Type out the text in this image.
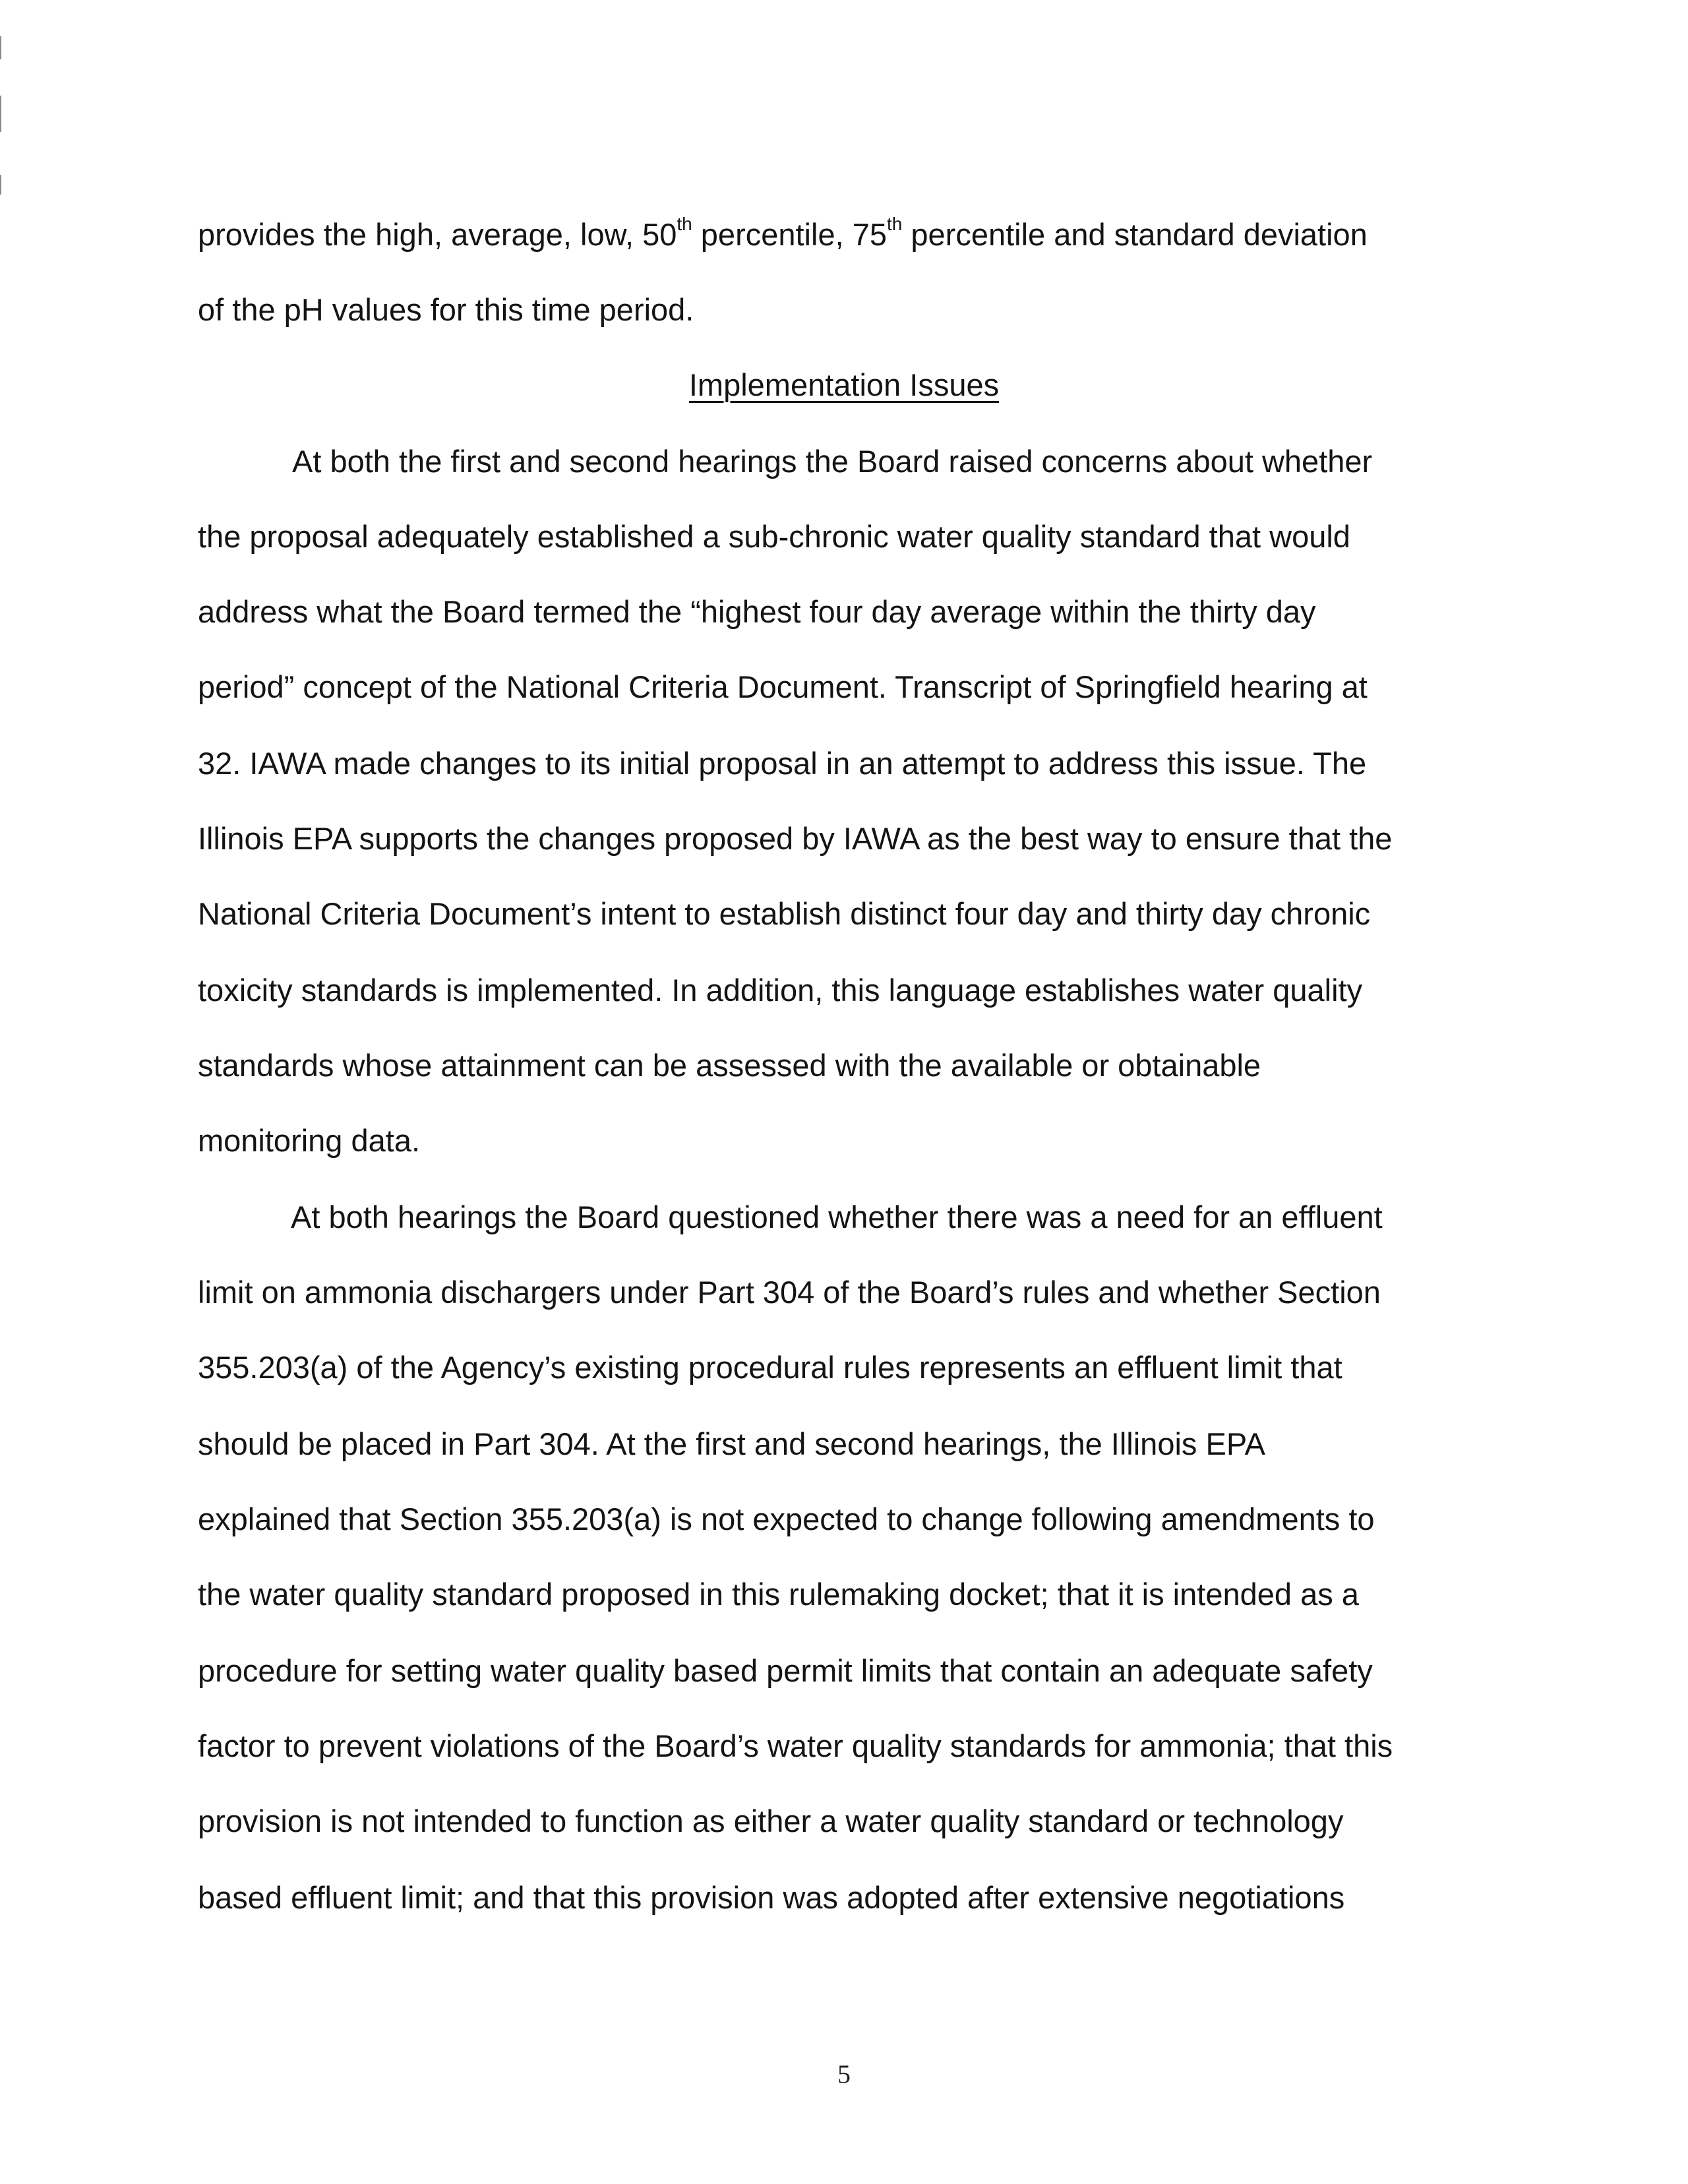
provides the high, average, low, 50th percentile, 75th percentile and standard deviation

of the pH values for this time period.

Implementation Issues

At both the first and second hearings the Board raised concerns about whether

the proposal adequately established a sub-chronic water quality standard that would

address what the Board termed the “highest four day average within the thirty day

period” concept of the National Criteria Document. Transcript of Springfield hearing at

32. IAWA made changes to its initial proposal in an attempt to address this issue. The

Illinois EPA supports the changes proposed by IAWA as the best way to ensure that the

National Criteria Document’s intent to establish distinct four day and thirty day chronic

toxicity standards is implemented. In addition, this language establishes water quality

standards whose attainment can be assessed with the available or obtainable

monitoring data.

At both hearings the Board questioned whether there was a need for an effluent

limit on ammonia dischargers under Part 304 of the Board’s rules and whether Section

355.203(a) of the Agency’s existing procedural rules represents an effluent limit that

should be placed in Part 304. At the first and second hearings, the Illinois EPA

explained that Section 355.203(a) is not expected to change following amendments to

the water quality standard proposed in this rulemaking docket; that it is intended as a

procedure for setting water quality based permit limits that contain an adequate safety

factor to prevent violations of the Board’s water quality standards for ammonia; that this

provision is not intended to function as either a water quality standard or technology

based effluent limit; and that this provision was adopted after extensive negotiations

5
